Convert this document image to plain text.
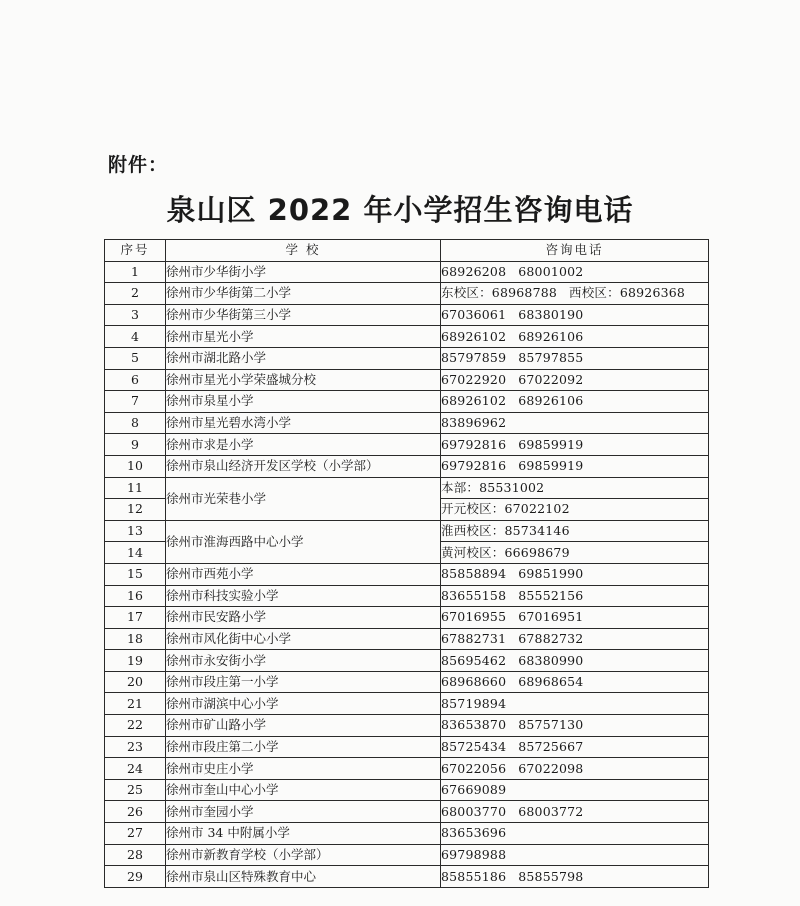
附件：
泉山区 2022 年小学招生咨询电话
序号	学 校	咨询电话
1	徐州市少华街小学	68926208 68001002
2	徐州市少华街第二小学	东校区：68968788 西校区：68926368
3	徐州市少华街第三小学	67036061 68380190
4	徐州市星光小学	68926102 68926106
5	徐州市湖北路小学	85797859 85797855
6	徐州市星光小学荣盛城分校	67022920 67022092
7	徐州市泉星小学	68926102 68926106
8	徐州市星光碧水湾小学	83896962
9	徐州市求是小学	69792816 69859919
10	徐州市泉山经济开发区学校（小学部）	69792816 69859919
11	徐州市光荣巷小学	本部：85531002
12		开元校区：67022102
13	徐州市淮海西路中心小学	淮西校区：85734146
14		黄河校区：66698679
15	徐州市西苑小学	85858894 69851990
16	徐州市科技实验小学	83655158 85552156
17	徐州市民安路小学	67016955 67016951
18	徐州市风化街中心小学	67882731 67882732
19	徐州市永安街小学	85695462 68380990
20	徐州市段庄第一小学	68968660 68968654
21	徐州市湖滨中心小学	85719894
22	徐州市矿山路小学	83653870 85757130
23	徐州市段庄第二小学	85725434 85725667
24	徐州市史庄小学	67022056 67022098
25	徐州市奎山中心小学	67669089
26	徐州市奎园小学	68003770 68003772
27	徐州市 34 中附属小学	83653696
28	徐州市新教育学校（小学部）	69798988
29	徐州市泉山区特殊教育中心	85855186 85855798
